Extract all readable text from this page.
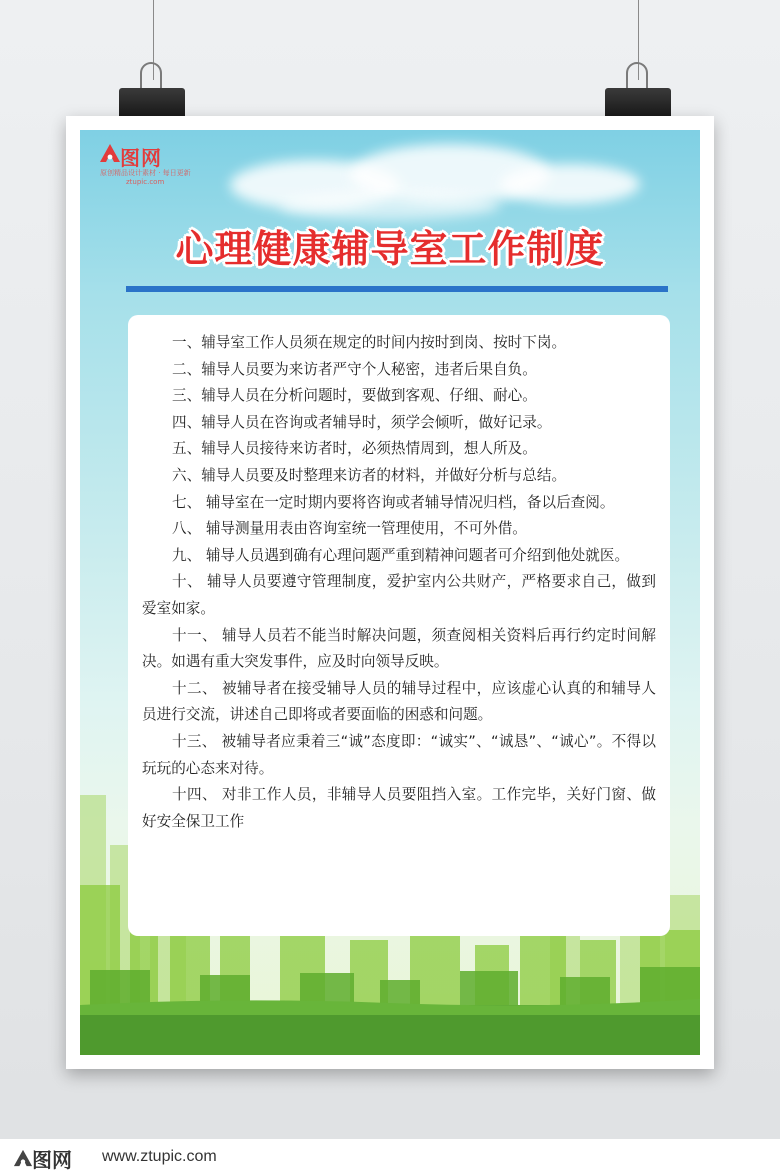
图网
原创精品设计素材 · 每日更新
ztupic.com
心理健康辅导室工作制度

一、辅导室工作人员须在规定的时间内按时到岗、按时下岗。

二、辅导人员要为来访者严守个人秘密，违者后果自负。

三、辅导人员在分析问题时，要做到客观、仔细、耐心。

四、辅导人员在咨询或者辅导时，须学会倾听，做好记录。

五、辅导人员接待来访者时，必须热情周到，想人所及。

六、辅导人员要及时整理来访者的材料，并做好分析与总结。

七、 辅导室在一定时期内要将咨询或者辅导情况归档，备以后查阅。

八、 辅导测量用表由咨询室统一管理使用，不可外借。

九、 辅导人员遇到确有心理问题严重到精神问题者可介绍到他处就医。

十、 辅导人员要遵守管理制度，爱护室内公共财产，严格要求自己，做到爱室如家。

十一、 辅导人员若不能当时解决问题，须查阅相关资料后再行约定时间解决。如遇有重大突发事件，应及时向领导反映。

十二、 被辅导者在接受辅导人员的辅导过程中，应该虚心认真的和辅导人员进行交流，讲述自己即将或者要面临的困惑和问题。

十三、 被辅导者应秉着三“诚”态度即：“诚实”、“诚恳”、“诚心”。不得以玩玩的心态来对待。

十四、 对非工作人员，非辅导人员要阻挡入室。工作完毕，关好门窗、做好安全保卫工作

图网 www.ztupic.com
